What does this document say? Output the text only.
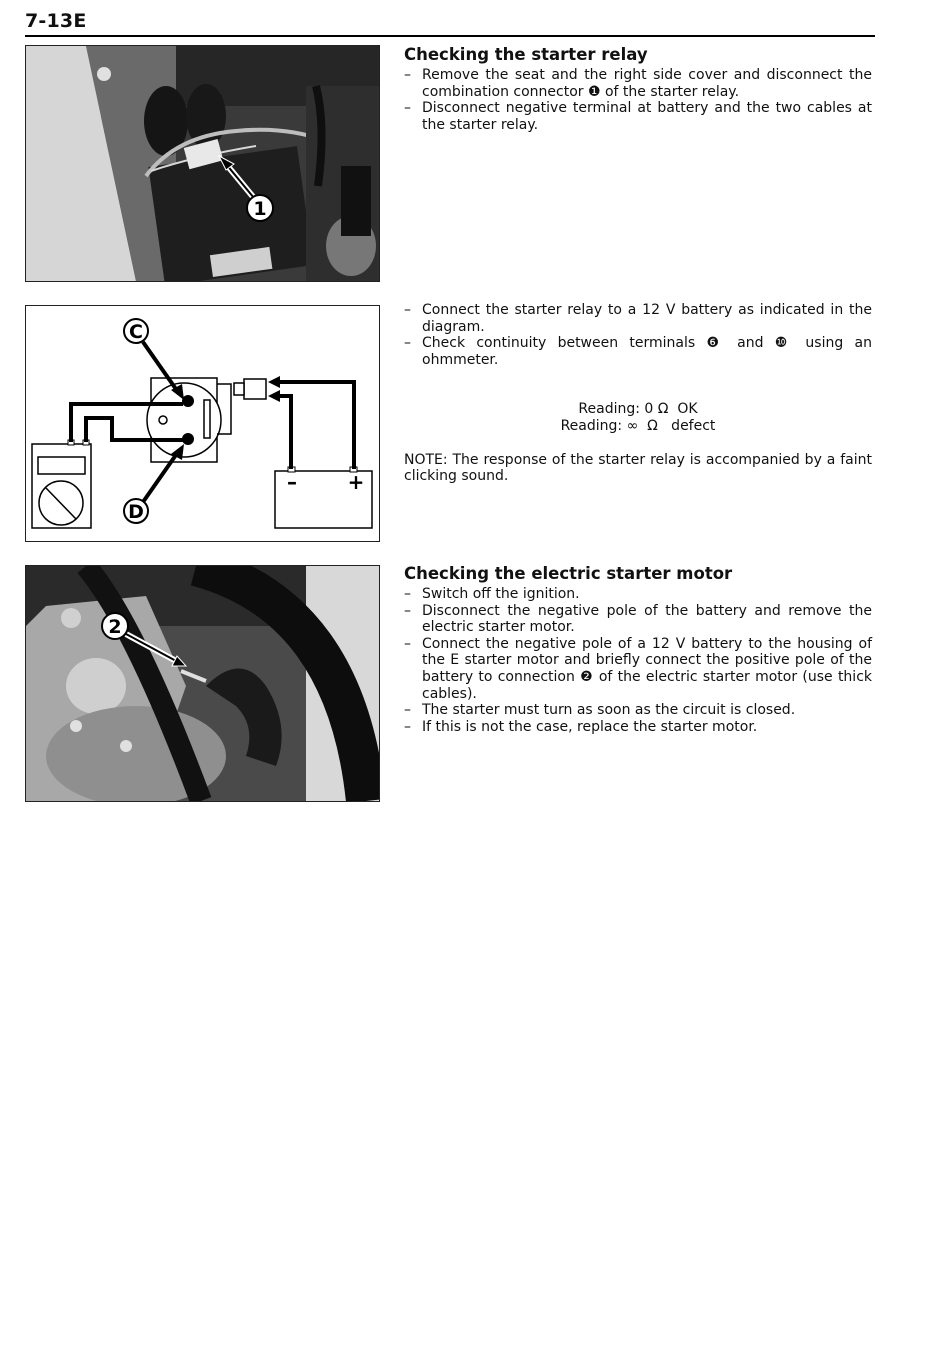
7-13E
1
–	+
C
D
2
Checking the starter relay
– Remove the seat and the right side cover and disconnect the combination connector ❶ of the starter relay.
– Disconnect negative terminal at battery and the two cables at the starter relay.
– Connect the starter relay to a 12 V battery as indicated in the diagram.
– Check continuity between terminals ❻ and ❿ using an ohmmeter.
Reading: 0 Ω  OK
Reading: ∞  Ω   defect
NOTE: The response of the starter relay is accompanied by a faint clicking sound.
Checking the electric starter motor
– Switch off the ignition.
– Disconnect the negative pole of the battery and remove the electric starter motor.
– Connect the negative pole of a 12 V battery to the housing of the E starter motor and briefly connect the positive pole of the battery to connection ❷ of the electric starter motor (use thick cables).
– The starter must turn as soon as the circuit is closed.
– If this is not the case, replace the starter motor.
